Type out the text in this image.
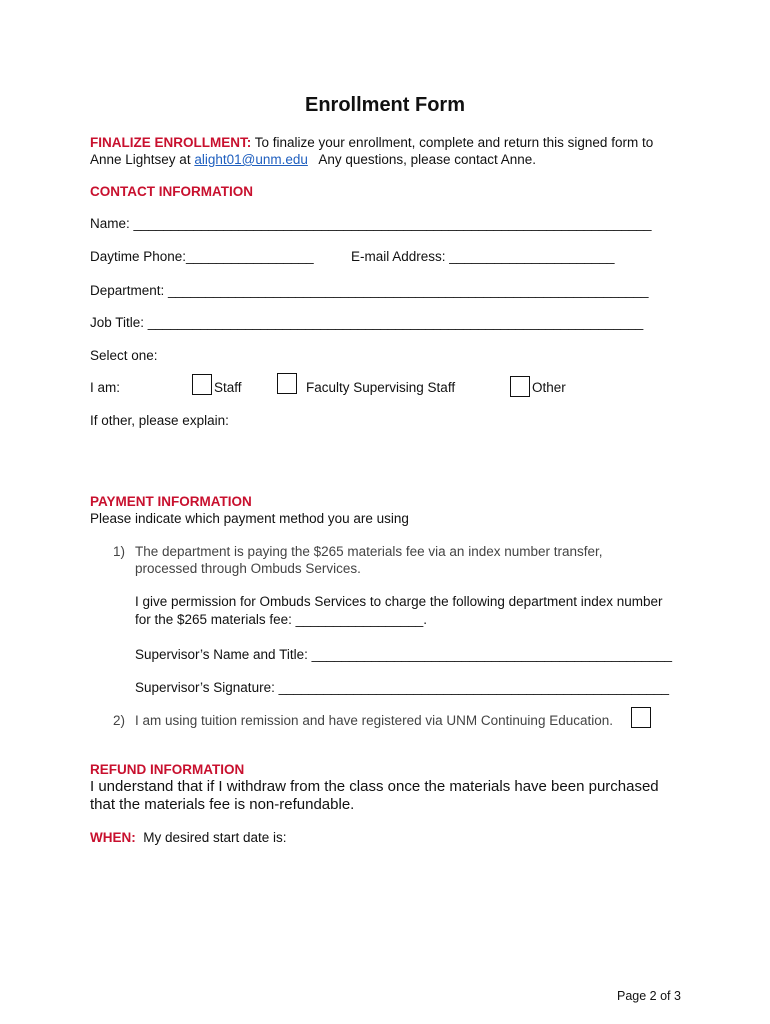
Enrollment Form
FINALIZE ENROLLMENT: To finalize your enrollment, complete and return this signed form to
Anne Lightsey at alight01@unm.edu   Any questions, please contact Anne.
CONTACT INFORMATION
Name: _____________________________________________________________________
Daytime Phone:_________________	E-mail Address: ______________________
Department: ________________________________________________________________
Job Title: __________________________________________________________________
Select one:
I am:	Staff	Faculty Supervising Staff	Other
If other, please explain:
PAYMENT INFORMATION
Please indicate which payment method you are using
1) The department is paying the $265 materials fee via an index number transfer,
processed through Ombuds Services.
I give permission for Ombuds Services to charge the following department index number
for the $265 materials fee: _________________.
Supervisor’s Name and Title: ________________________________________________
Supervisor’s Signature: ____________________________________________________
2) I am using tuition remission and have registered via UNM Continuing Education.
REFUND INFORMATION
I understand that if I withdraw from the class once the materials have been purchased
that the materials fee is non-refundable.
WHEN:  My desired start date is:
Page 2 of 3
